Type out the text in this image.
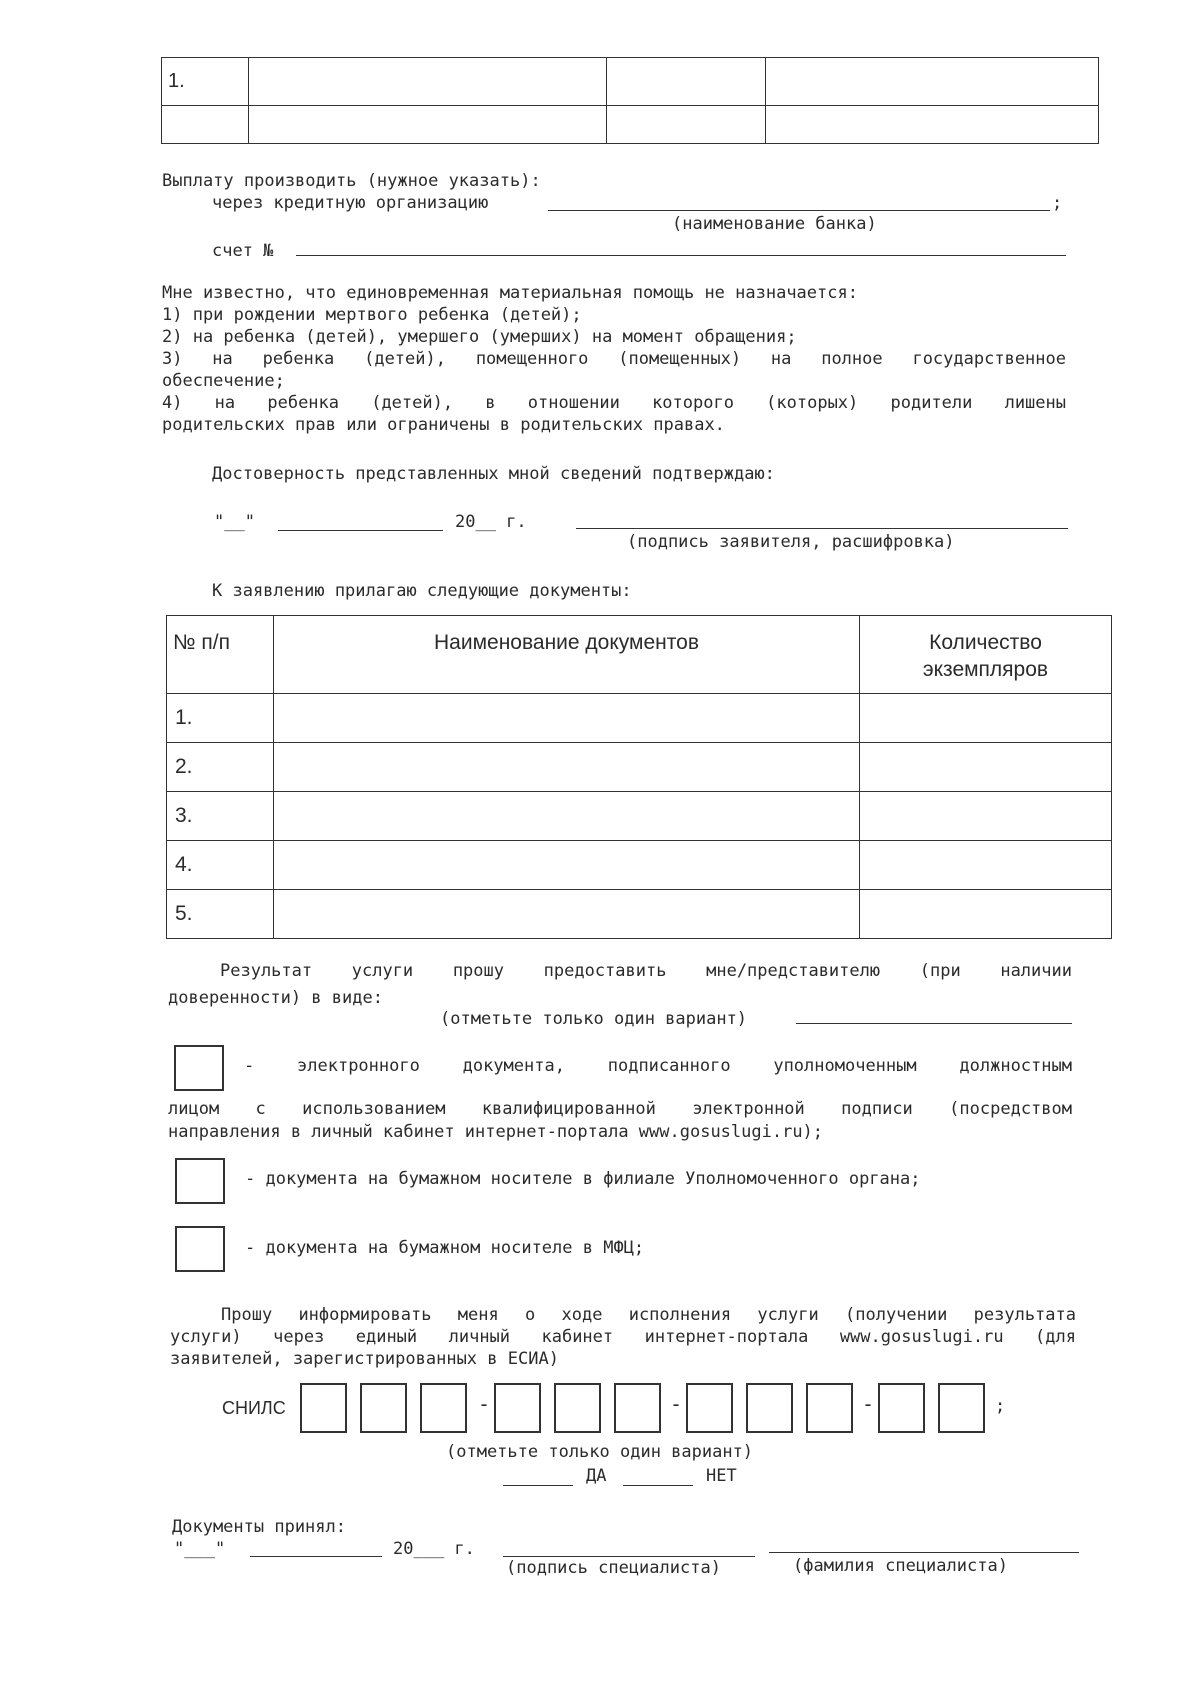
1.			

Выплату производить (нужное указать):
через кредитную организацию	;
(наименование банка)
счет №
Мне известно, что единовременная материальная помощь не назначается:
1) при рождении мертвого ребенка (детей);
2) на ребенка (детей), умершего (умерших) на момент обращения;
3) на ребенка (детей), помещенного (помещенных) на полное государственное
обеспечение;
4) на ребенка (детей), в отношении которого (которых) родители лишены
родительских прав или ограничены в родительских правах.
Достоверность представленных мной сведений подтверждаю:
"__"	20__ г.
(подпись заявителя, расшифровка)
К заявлению прилагаю следующие документы:
№ п/п	Наименование документов	Количество
экземпляров

1.		
2.		
3.		
4.		
5.		
Результат услуги прошу предоставить мне/представителю (при наличии
доверенности) в виде:
(отметьте только один вариант)
- электронного документа, подписанного уполномоченным должностным
лицом с использованием квалифицированной электронной подписи (посредством
направления в личный кабинет интернет-портала www.gosuslugi.ru);
- документа на бумажном носителе в филиале Уполномоченного органа;
- документа на бумажном носителе в МФЦ;
Прошу информировать меня о ходе исполнения услуги (получении результата
услуги) через единый личный кабинет интернет-портала www.gosuslugi.ru (для
заявителей, зарегистрированных в ЕСИА)
СНИЛС	-	-	-	;
(отметьте только один вариант)
ДА	НЕТ
Документы принял:
"___"	20___ г.
(подпись специалиста)	(фамилия специалиста)
